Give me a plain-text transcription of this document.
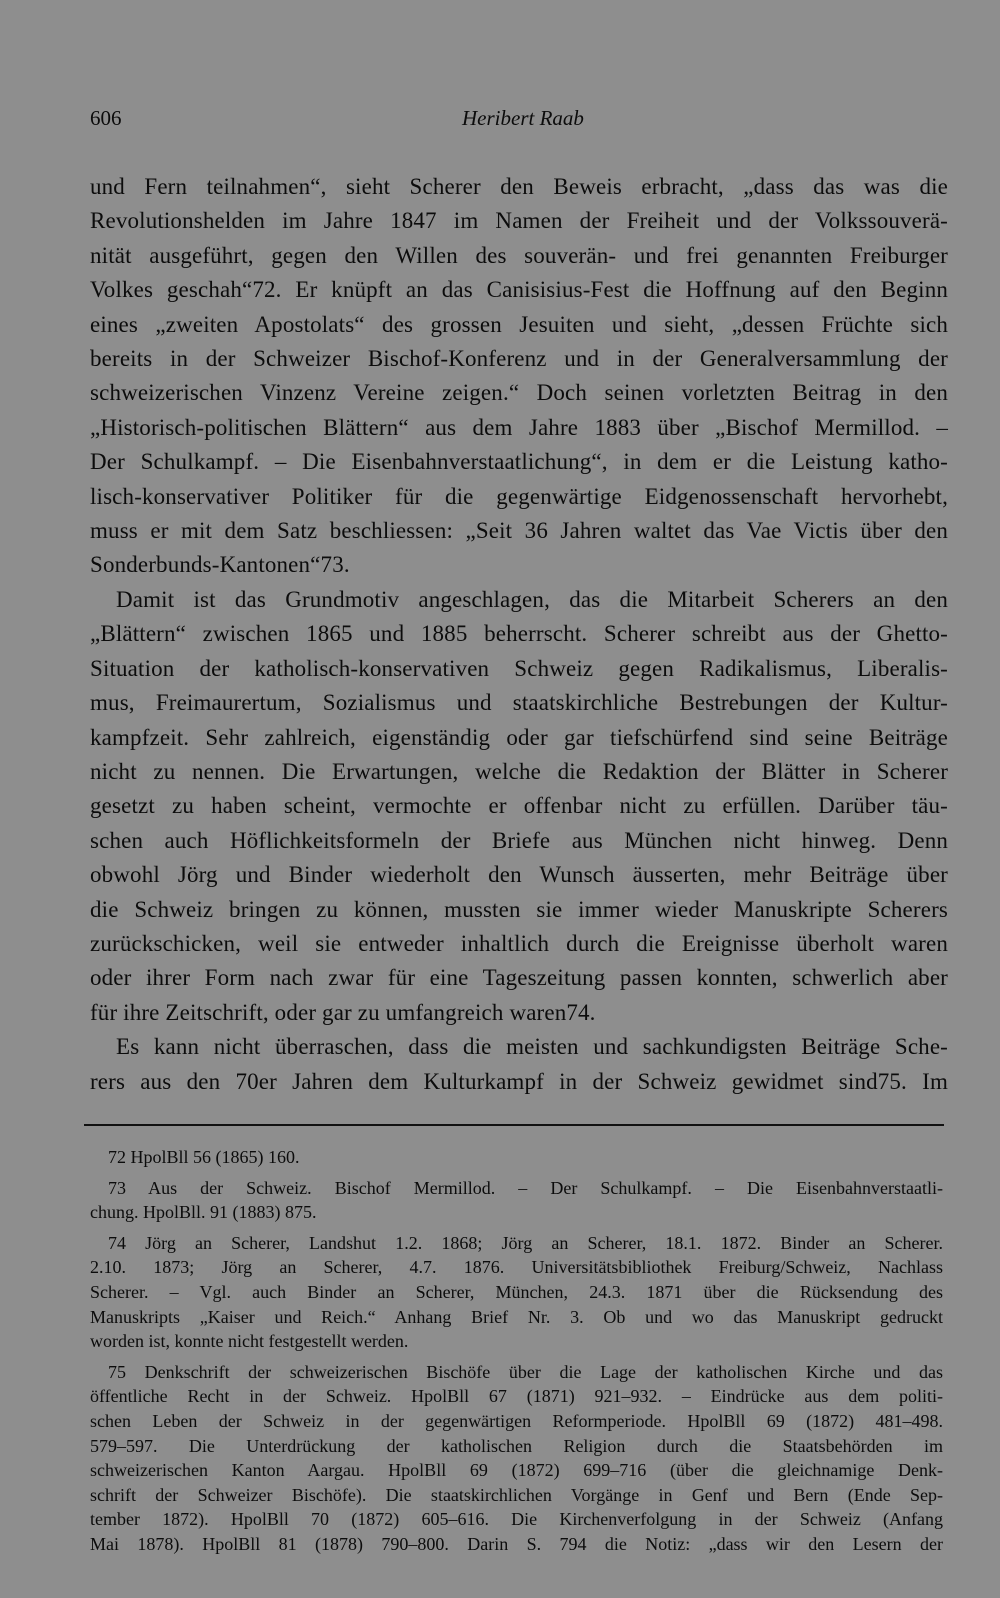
606	Heribert Raab
und Fern teilnahmen“, sieht Scherer den Beweis erbracht, „dass das was die
Revolutionshelden im Jahre 1847 im Namen der Freiheit und der Volkssouverä-
nität ausgeführt, gegen den Willen des souverän- und frei genannten Freiburger
Volkes geschah“72. Er knüpft an das Canisisius-Fest die Hoffnung auf den Beginn
eines „zweiten Apostolats“ des grossen Jesuiten und sieht, „dessen Früchte sich
bereits in der Schweizer Bischof-Konferenz und in der Generalversammlung der
schweizerischen Vinzenz Vereine zeigen.“ Doch seinen vorletzten Beitrag in den
„Historisch-politischen Blättern“ aus dem Jahre 1883 über „Bischof Mermillod. –
Der Schulkampf. – Die Eisenbahnverstaatlichung“, in dem er die Leistung katho-
lisch-konservativer Politiker für die gegenwärtige Eidgenossenschaft hervorhebt,
muss er mit dem Satz beschliessen: „Seit 36 Jahren waltet das Vae Victis über den
Sonderbunds-Kantonen“73.
Damit ist das Grundmotiv angeschlagen, das die Mitarbeit Scherers an den
„Blättern“ zwischen 1865 und 1885 beherrscht. Scherer schreibt aus der Ghetto-
Situation der katholisch-konservativen Schweiz gegen Radikalismus, Liberalis-
mus, Freimaurertum, Sozialismus und staatskirchliche Bestrebungen der Kultur-
kampfzeit. Sehr zahlreich, eigenständig oder gar tiefschürfend sind seine Beiträge
nicht zu nennen. Die Erwartungen, welche die Redaktion der Blätter in Scherer
gesetzt zu haben scheint, vermochte er offenbar nicht zu erfüllen. Darüber täu-
schen auch Höflichkeitsformeln der Briefe aus München nicht hinweg. Denn
obwohl Jörg und Binder wiederholt den Wunsch äusserten, mehr Beiträge über
die Schweiz bringen zu können, mussten sie immer wieder Manuskripte Scherers
zurückschicken, weil sie entweder inhaltlich durch die Ereignisse überholt waren
oder ihrer Form nach zwar für eine Tageszeitung passen konnten, schwerlich aber
für ihre Zeitschrift, oder gar zu umfangreich waren74.
Es kann nicht überraschen, dass die meisten und sachkundigsten Beiträge Sche-
rers aus den 70er Jahren dem Kulturkampf in der Schweiz gewidmet sind75. Im
72 HpolBll 56 (1865) 160.
73 Aus der Schweiz. Bischof Mermillod. – Der Schulkampf. – Die Eisenbahnverstaatli-
chung. HpolBll. 91 (1883) 875.
74 Jörg an Scherer, Landshut 1.2. 1868; Jörg an Scherer, 18.1. 1872. Binder an Scherer.
2.10. 1873; Jörg an Scherer, 4.7. 1876. Universitätsbibliothek Freiburg/Schweiz, Nachlass
Scherer. – Vgl. auch Binder an Scherer, München, 24.3. 1871 über die Rücksendung des
Manuskripts „Kaiser und Reich.“ Anhang Brief Nr. 3. Ob und wo das Manuskript gedruckt
worden ist, konnte nicht festgestellt werden.
75 Denkschrift der schweizerischen Bischöfe über die Lage der katholischen Kirche und das
öffentliche Recht in der Schweiz. HpolBll 67 (1871) 921–932. – Eindrücke aus dem politi-
schen Leben der Schweiz in der gegenwärtigen Reformperiode. HpolBll 69 (1872) 481–498.
579–597. Die Unterdrückung der katholischen Religion durch die Staatsbehörden im
schweizerischen Kanton Aargau. HpolBll 69 (1872) 699–716 (über die gleichnamige Denk-
schrift der Schweizer Bischöfe). Die staatskirchlichen Vorgänge in Genf und Bern (Ende Sep-
tember 1872). HpolBll 70 (1872) 605–616. Die Kirchenverfolgung in der Schweiz (Anfang
Mai 1878). HpolBll 81 (1878) 790–800. Darin S. 794 die Notiz: „dass wir den Lesern der
